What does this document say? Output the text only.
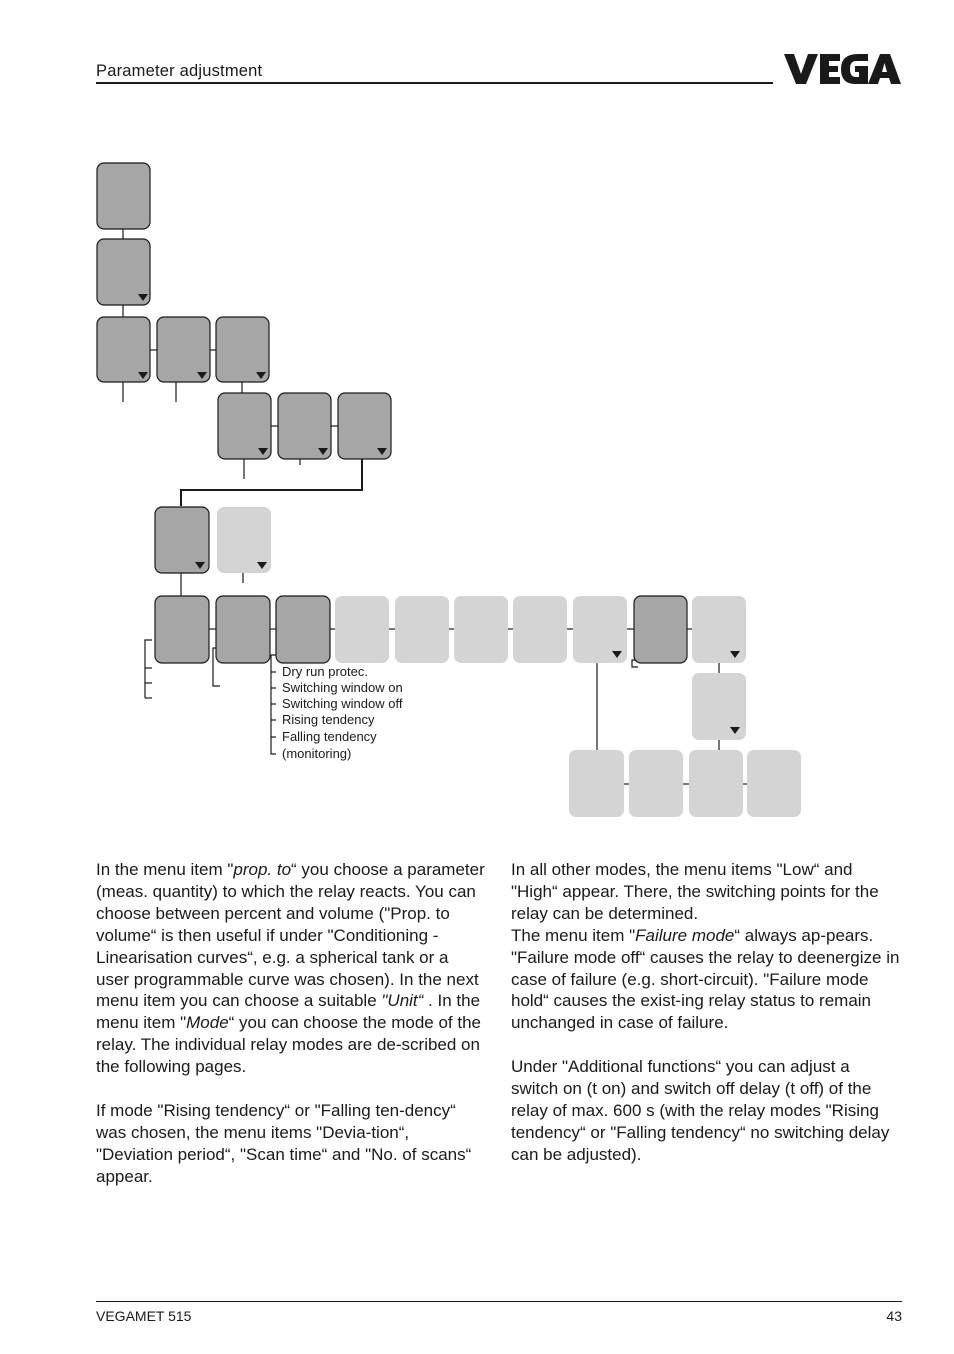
Parameter adjustment
Dry run protec.
Switching window on
Switching window off
Rising tendency
Falling tendency
(monitoring)

In the menu item "prop. to“ you choose a parameter (meas. quantity) to which the relay reacts. You can choose between percent and volume ("Prop. to volume“ is then useful if under "Conditioning - Linearisation curves“, e.g. a spherical tank or a user programmable curve was chosen). In the next menu item you can choose a suitable "Unit“ . In the menu item "Mode“ you can choose the mode of the relay. The individual relay modes are de-scribed on the following pages.

If mode "Rising tendency“ or "Falling ten-dency“ was chosen, the menu items "Devia-tion“, "Deviation period“, "Scan time“ and "No. of scans“ appear.

In all other modes, the menu items "Low“ and "High“ appear. There, the switching points for the relay can be determined.

The menu item "Failure mode“ always ap-pears. "Failure mode off“ causes the relay to deenergize in case of failure (e.g. short-circuit). "Failure mode hold“ causes the exist-ing relay status to remain unchanged in case of failure.

Under "Additional functions“ you can adjust a switch on (t on) and switch off delay (t off) of the relay of max. 600 s (with the relay modes "Rising tendency“ or "Falling tendency“ no switching delay can be adjusted).

VEGAMET 515	43
